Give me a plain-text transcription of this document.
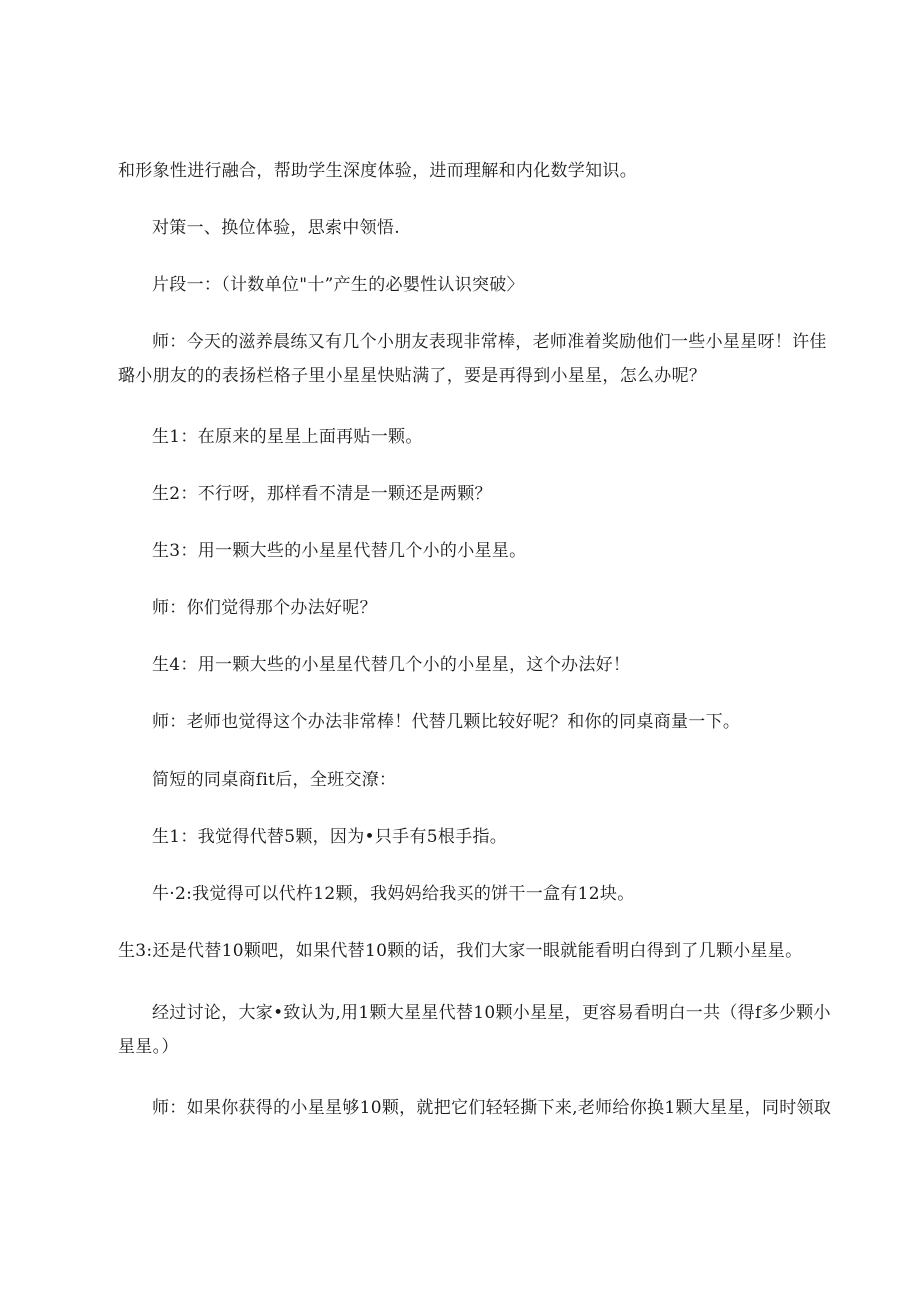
和形象性进行融合，帮助学生深度体验，进而理解和内化数学知识。

对策一、换位体验，思索中领悟.

片段一：（计数单位"十”产生的必嬰性认识突破〉

师：今天的滋养晨练又有几个小朋友表现非常棒，老师准着奖励他们一些小星星呀！许佳
璐小朋友的的表扬栏格子里小星星快贴满了，要是再得到小星星，怎么办呢？

生1：在原来的星星上面再贴一颗。

生2：不行呀，那样看不清是一颗还是两颗？

生3：用一颗大些的小星星代替几个小的小星星。

师：你们觉得那个办法好呢？

生4：用一颗大些的小星星代替几个小的小星星，这个办法好！

师：老师也觉得这个办法非常棒！代替几颗比较好呢？和你的同桌商量一下。

简短的同桌商fit后，全班交潦：

生1：我觉得代替5颗，因为•只手有5根手指。

牛·2:我觉得可以代杵12颗，我妈妈给我买的饼干一盒有12块。

生3:还是代替10颗吧，如果代替10颗的话，我们大家一眼就能看明白得到了几颗小星星。

经过讨论，大家•致认为,用1颗大星星代替10颗小星星，更容易看明白一共（得f多少颗小
星星。）

师：如果你获得的小星星够10颗，就把它们轻轻撕下来,老师给你换1颗大星星，同时领取
